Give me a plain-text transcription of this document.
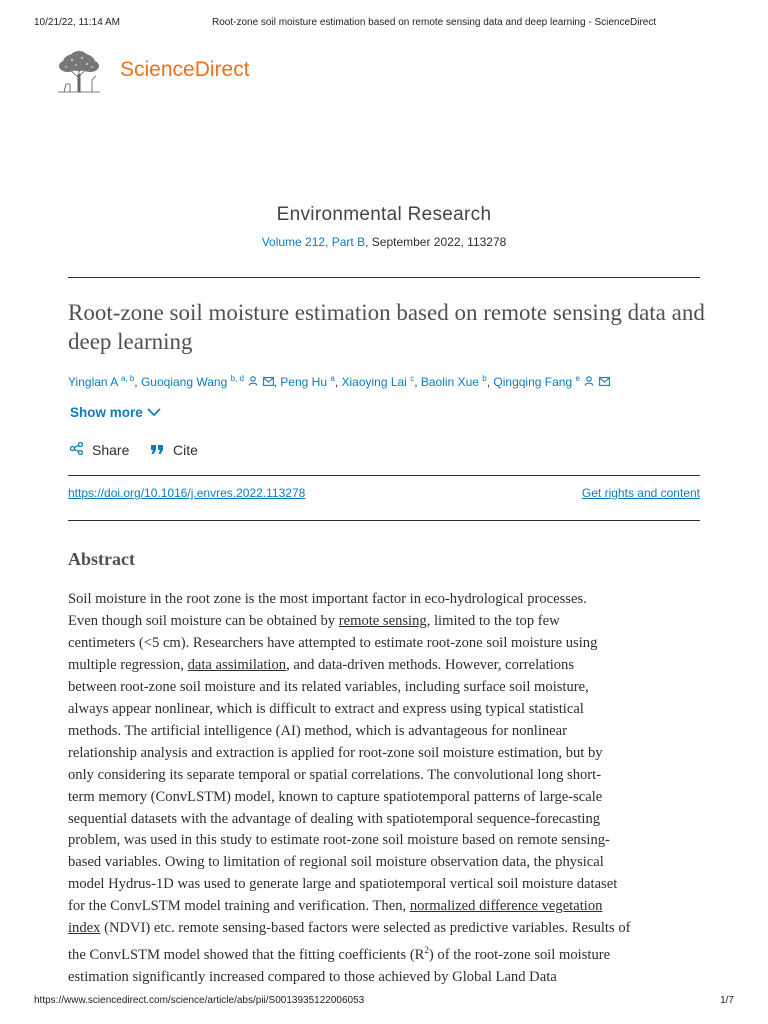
10/21/22, 11:14 AM	Root-zone soil moisture estimation based on remote sensing data and deep learning - ScienceDirect
ScienceDirect
Environmental Research
Volume 212, Part B, September 2022, 113278
Root-zone soil moisture estimation based on remote sensing data and deep learning
Yinglan A $^{a, b}$, Guoqiang Wang $^{b, d}$ , Peng Hu $^a$, Xiaoying Lai $^c$, Baolin Xue $^b$, Qingqing Fang $^e$
Show more
Share	Cite
https://doi.org/10.1016/j.envres.2022.113278	Get rights and content
Abstract
Soil moisture in the root zone is the most important factor in eco-hydrological processes.
Even though soil moisture can be obtained by remote sensing, limited to the top few
centimeters (<5 cm). Researchers have attempted to estimate root-zone soil moisture using
multiple regression, data assimilation, and data-driven methods. However, correlations
between root-zone soil moisture and its related variables, including surface soil moisture,
always appear nonlinear, which is difficult to extract and express using typical statistical
methods. The artificial intelligence (AI) method, which is advantageous for nonlinear
relationship analysis and extraction is applied for root-zone soil moisture estimation, but by
only considering its separate temporal or spatial correlations. The convolutional long short-
term memory (ConvLSTM) model, known to capture spatiotemporal patterns of large-scale
sequential datasets with the advantage of dealing with spatiotemporal sequence-forecasting
problem, was used in this study to estimate root-zone soil moisture based on remote sensing-
based variables. Owing to limitation of regional soil moisture observation data, the physical
model Hydrus-1D was used to generate large and spatiotemporal vertical soil moisture dataset
for the ConvLSTM model training and verification. Then, normalized difference vegetation
index (NDVI) etc. remote sensing-based factors were selected as predictive variables. Results of
the ConvLSTM model showed that the fitting coefficients $(R^2)$ of the root-zone soil moisture
estimation significantly increased compared to those achieved by Global Land Data
https://www.sciencedirect.com/science/article/abs/pii/S0013935122006053	1/7
